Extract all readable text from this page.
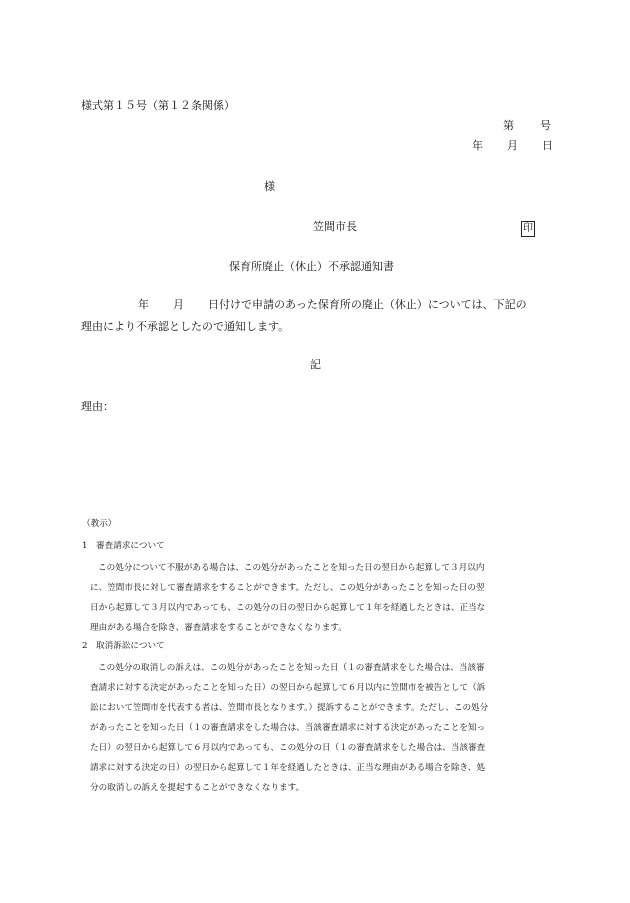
様式第１５号（第１２条関係）
第 号
年 月 日
様
笠間市長	印
保育所廃止（休止）不承認通知書
年 月 日付けで申請のあった保育所の廃止（休止）については、下記の
理由により不承認としたので通知します。
記
理由：
（教示）
1　審査請求について
この処分について不服がある場合は、この処分があったことを知った日の翌日から起算して３月以内
に、笠間市長に対して審査請求をすることができます。ただし、この処分があったことを知った日の翌
日から起算して３月以内であっても、この処分の日の翌日から起算して１年を経過したときは、正当な
理由がある場合を除き、審査請求をすることができなくなります。
2　取消訴訟について
この処分の取消しの訴えは、この処分があったことを知った日（１の審査請求をした場合は、当該審
査請求に対する決定があったことを知った日）の翌日から起算して６月以内に笠間市を被告として（訴
訟において笠間市を代表する者は、笠間市長となります。）提訴することができます。ただし、この処分
があったことを知った日（１の審査請求をした場合は、当該審査請求に対する決定があったことを知っ
た日）の翌日から起算して６月以内であっても、この処分の日（１の審査請求をした場合は、当該審査
請求に対する決定の日）の翌日から起算して１年を経過したときは、正当な理由がある場合を除き、処
分の取消しの訴えを提起することができなくなります。
